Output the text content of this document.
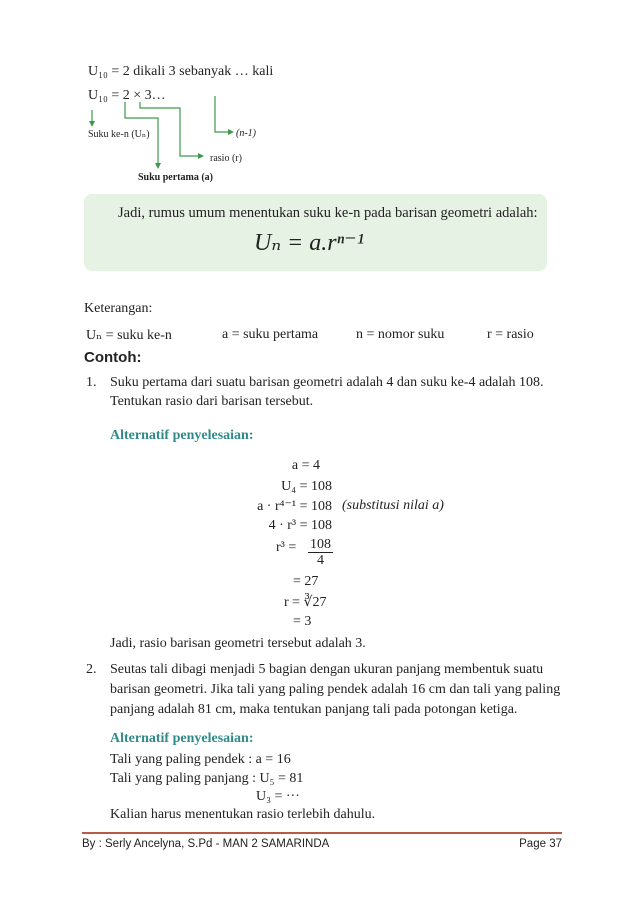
U₁₀ = 2 dikali 3 sebanyak … kali
U₁₀ = 2 × 3…
Suku ke-n (Uₙ)	(n-1)
rasio (r)
Suku pertama (a)
Jadi, rumus umum menentukan suku ke-n pada barisan geometri adalah:
Uₙ = a.rⁿ⁻¹
Keterangan:
Uₙ = suku ke-n	a = suku pertama	n = nomor suku	r = rasio
Contoh:
1. Suku pertama dari suatu barisan geometri adalah 4 dan suku ke-4 adalah 108.
Tentukan rasio dari barisan tersebut.
Alternatif penyelesaian:
a = 4
U₄ = 108
a · r⁴⁻¹ = 108 (substitusi nilai a)
4 · r³ = 108
$r^3 = \frac{108}{4}$
= 27
r = ∛27
= 3
Jadi, rasio barisan geometri tersebut adalah 3.
2. Seutas tali dibagi menjadi 5 bagian dengan ukuran panjang membentuk suatu
barisan geometri. Jika tali yang paling pendek adalah 16 cm dan tali yang paling
panjang adalah 81 cm, maka tentukan panjang tali pada potongan ketiga.
Alternatif penyelesaian:
Tali yang paling pendek : a = 16
Tali yang paling panjang : U₅ = 81
U₃ = ···
Kalian harus menentukan rasio terlebih dahulu.
By : Serly Ancelyna, S.Pd - MAN 2 SAMARINDA	Page 37
